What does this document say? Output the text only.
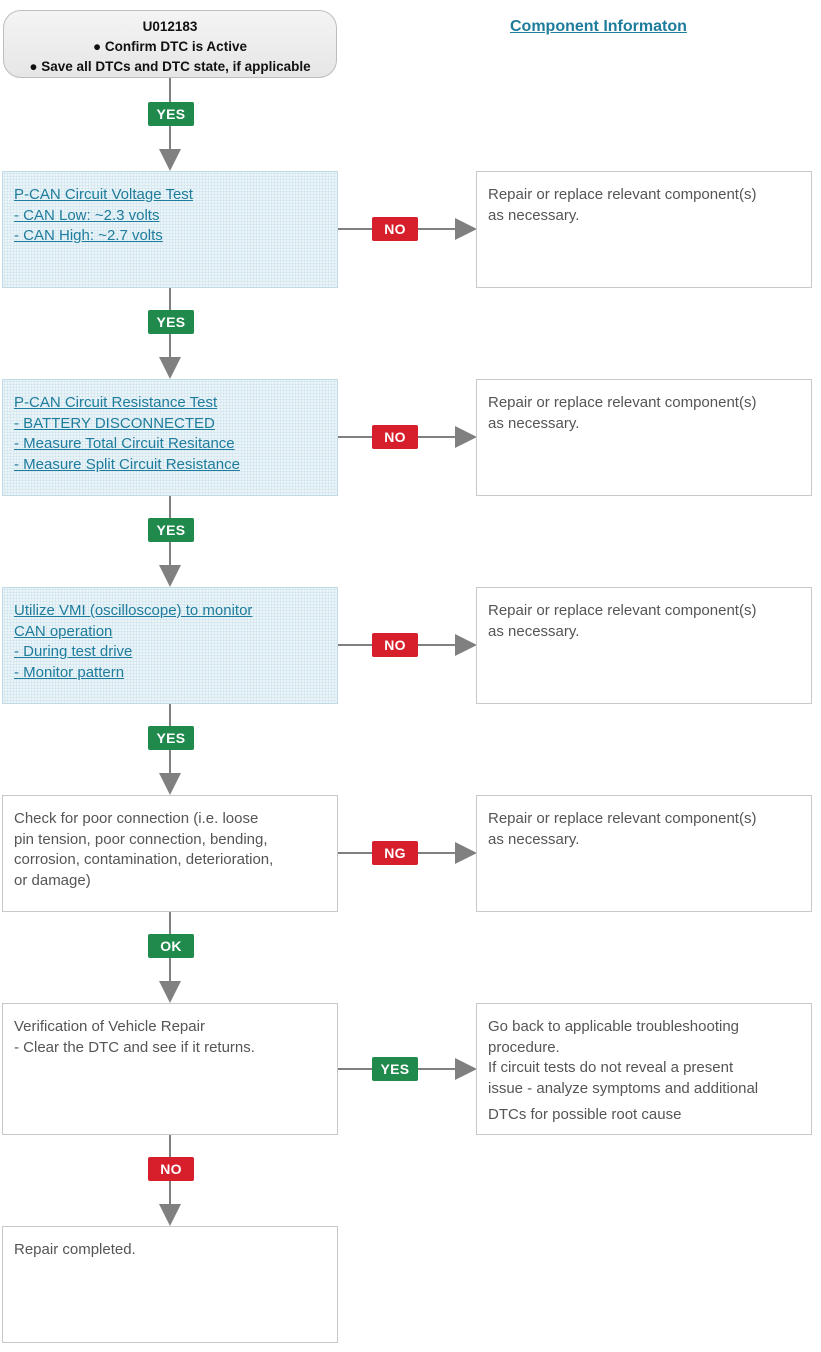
U012183
● Confirm DTC is Active
● Save all DTCs and DTC state, if applicable
Component Informaton
YES
P-CAN Circuit Voltage Test
- CAN Low: ~2.3 volts
- CAN High: ~2.7 volts	NO
Repair or replace relevant component(s)
as necessary.
YES
P-CAN Circuit Resistance Test
- BATTERY DISCONNECTED
- Measure Total Circuit Resitance
- Measure Split Circuit Resistance
NO
Repair or replace relevant component(s)
as necessary.
YES
Utilize VMI (oscilloscope) to monitor
CAN operation
- During test drive
- Monitor pattern
NO
Repair or replace relevant component(s)
as necessary.
YES
Check for poor connection (i.e. loose
pin tension, poor connection, bending,
corrosion, contamination, deterioration,
or damage)
NG
Repair or replace relevant component(s)
as necessary.
OK
Verification of Vehicle Repair
- Clear the DTC and see if it returns.
YES
Go back to applicable troubleshooting
procedure.
If circuit tests do not reveal a present
issue - analyze symptoms and additional
DTCs for possible root cause
NO
Repair completed.
